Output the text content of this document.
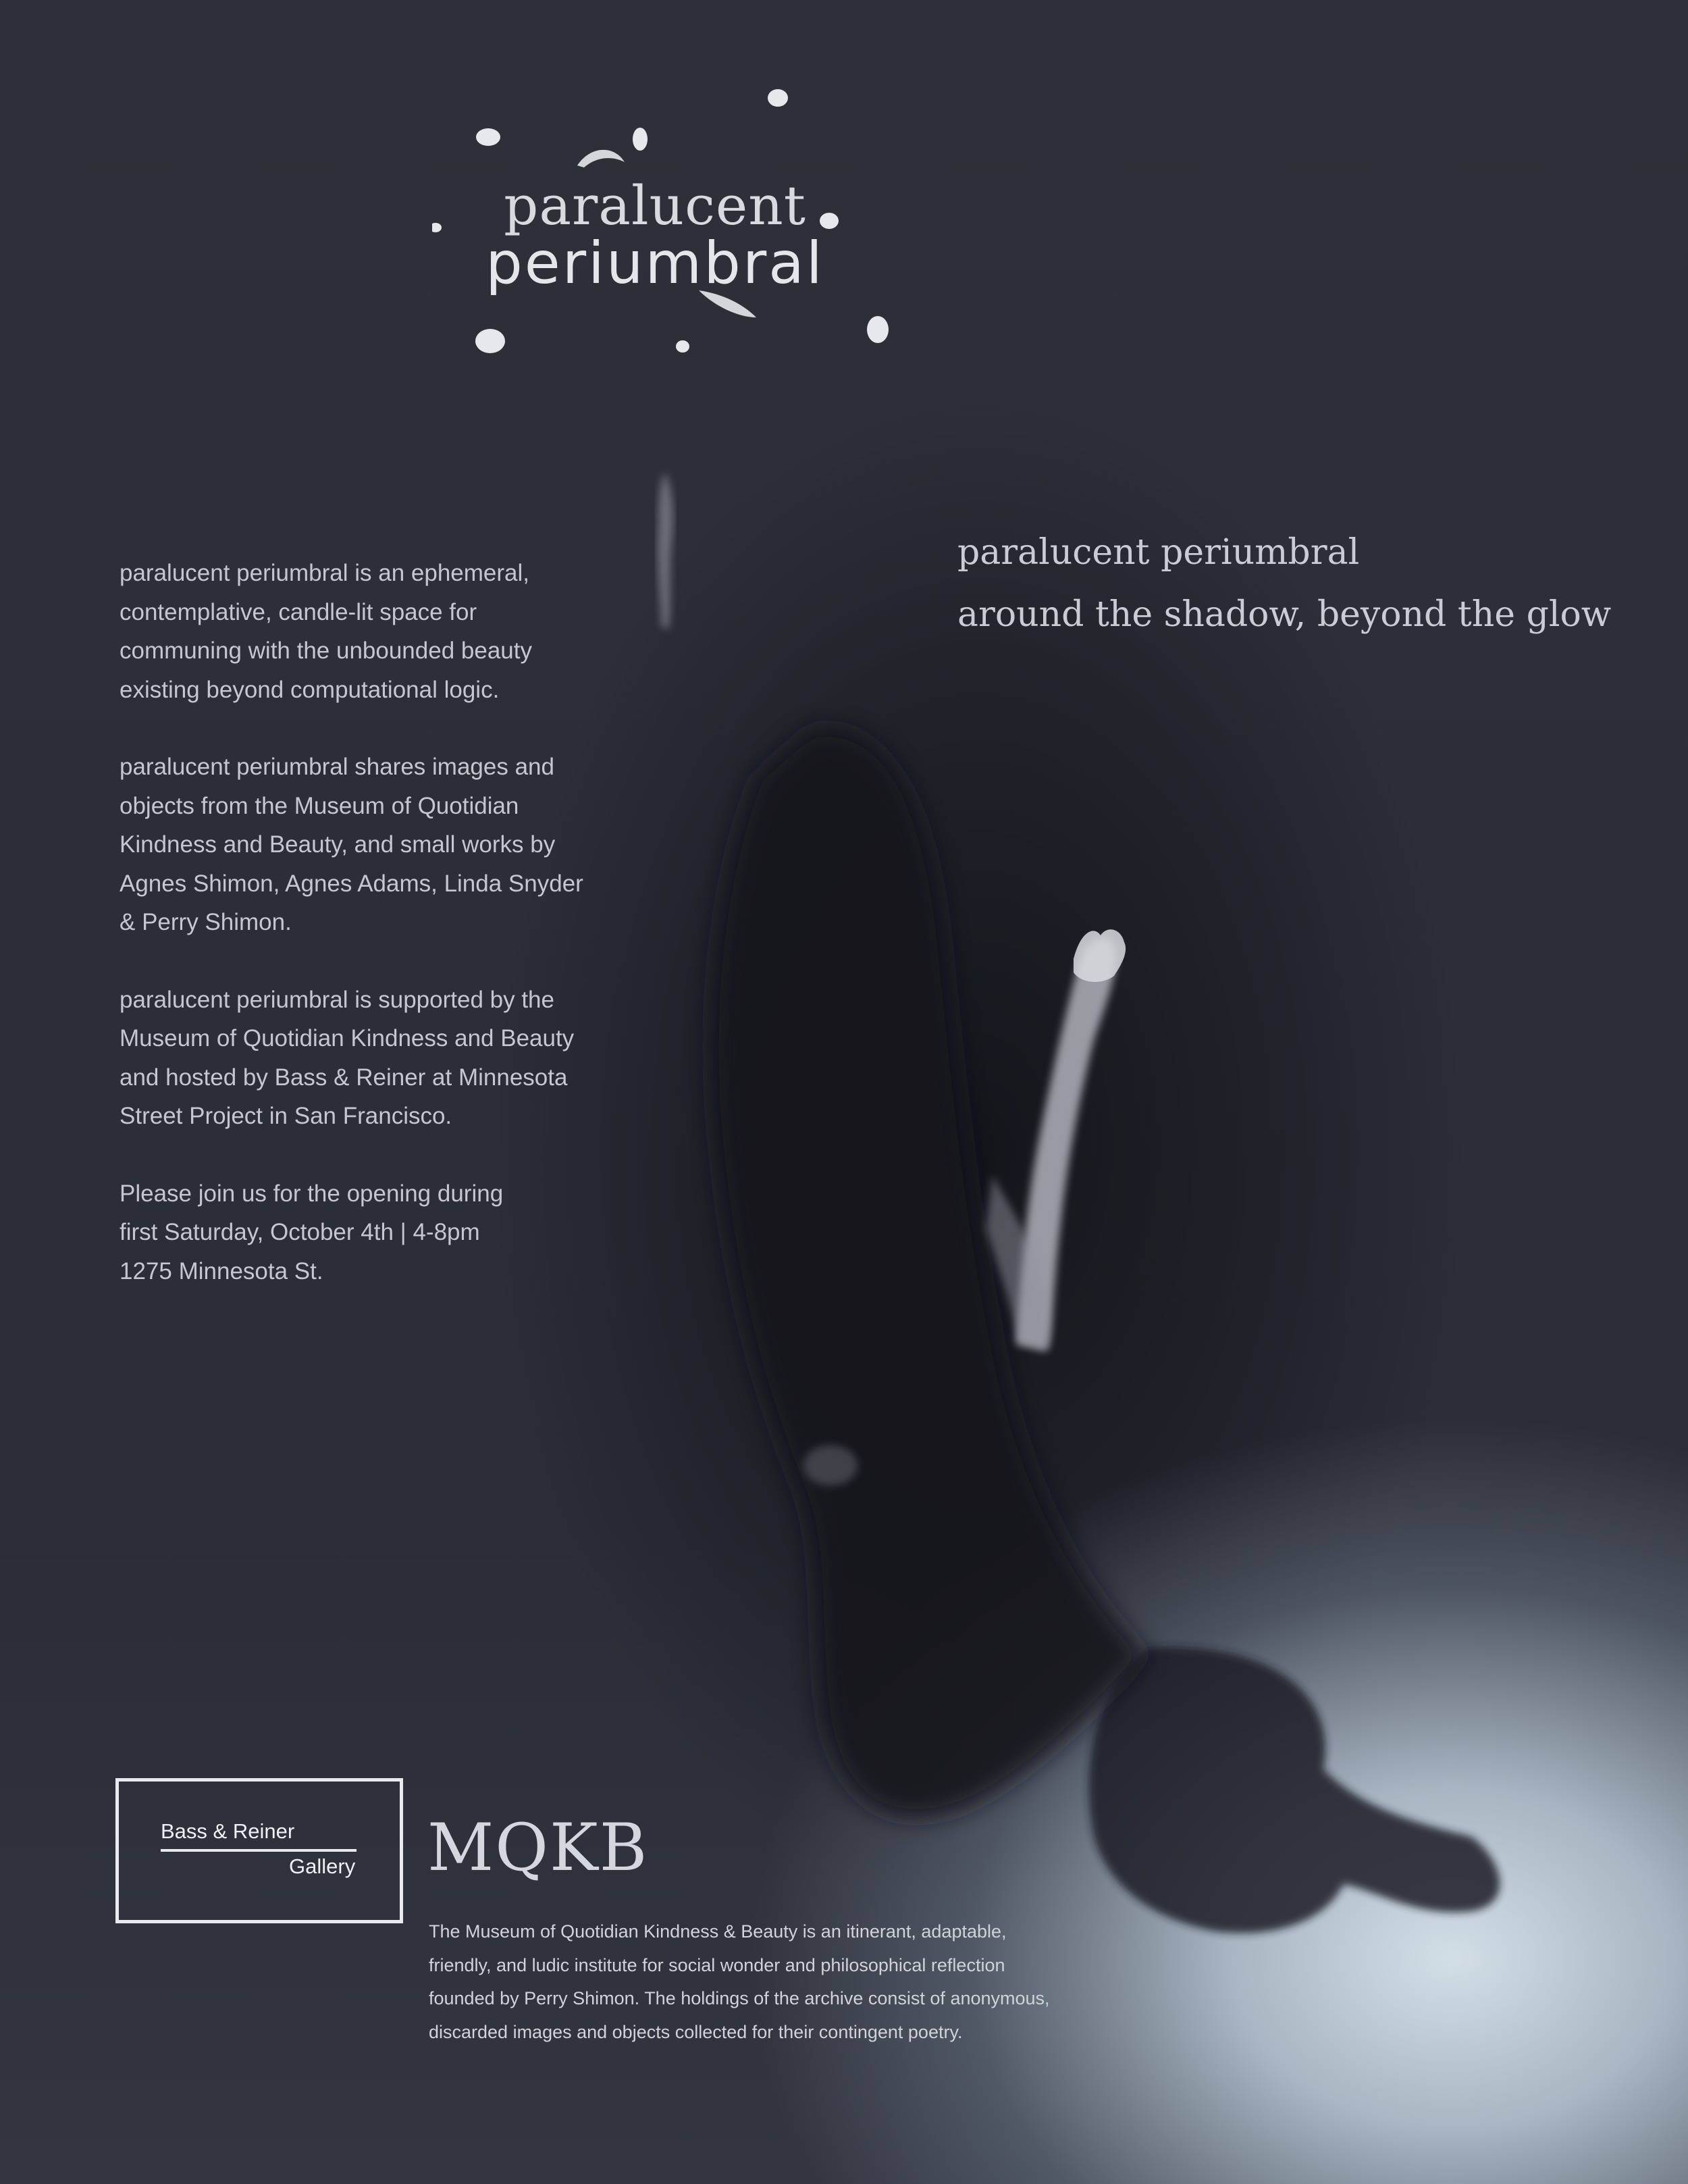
paralucent
periumbral

paralucent periumbral is an ephemeral,
contemplative, candle-lit space for
communing with the unbounded beauty
existing beyond computational logic.

paralucent periumbral shares images and
objects from the Museum of Quotidian
Kindness and Beauty, and small works by
Agnes Shimon, Agnes Adams, Linda Snyder
& Perry Shimon.

paralucent periumbral is supported by the
Museum of Quotidian Kindness and Beauty
and hosted by Bass & Reiner at Minnesota
Street Project in San Francisco.

Please join us for the opening during
first Saturday, October 4th | 4-8pm
1275 Minnesota St.

paralucent periumbral
around the shadow, beyond the glow
Bass & Reiner
Gallery MQKB
The Museum of Quotidian Kindness & Beauty is an itinerant, adaptable,
friendly, and ludic institute for social wonder and philosophical reflection
founded by Perry Shimon. The holdings of the archive consist of anonymous,
discarded images and objects collected for their contingent poetry.
